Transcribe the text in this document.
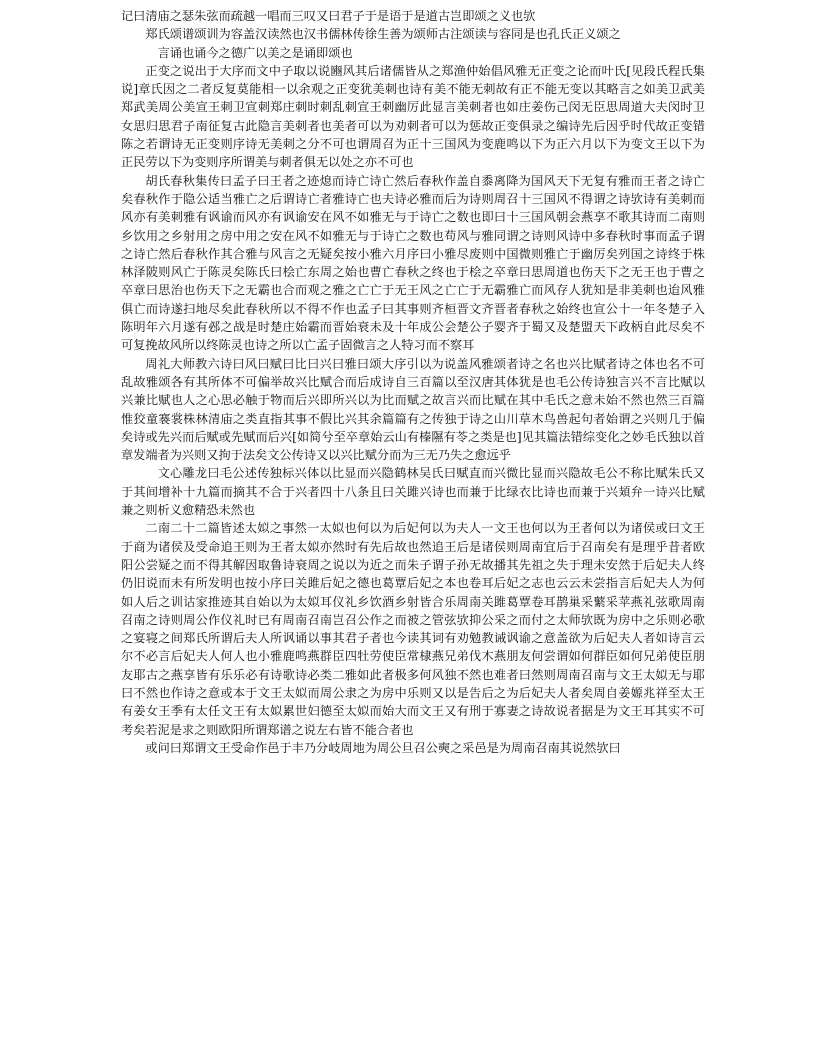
记曰清庙之瑟朱弦而疏越一唱而三叹又曰君子于是语于是道古岂即颂之义也欤

郑氏颂谱颂训为容盖汉读然也汉书儒林传徐生善为颂师古注颂读与容同是也孔氏正义颂之

言诵也诵今之德广以美之是诵即颂也

正变之说出于大序而文中子取以说豳风其后诸儒皆从之郑渔仲始倡风雅无正变之论而叶氏[见段氏程氏集说]章氏因之二者反复莫能相一以余观之正变犹美刺也诗有美不能无刺故有正不能无变以其略言之如美卫武美郑武美周公美宣王刺卫宣刺郑庄刺时刺乱刺宣王刺幽厉此显言美刺者也如庄姜伤己闵无臣思周道大夫闵时卫女思归思君子南征复古此隐言美刺者也美者可以为劝刺者可以为惩故正变俱录之编诗先后因乎时代故正变错陈之若谓诗无正变则序诗无美刺之分不可也谓周召为正十三国风为变鹿鸣以下为正六月以下为变文王以下为正民劳以下为变则序所谓美与刺者俱无以处之亦不可也

胡氏春秋集传曰孟子曰王者之迹熄而诗亡诗亡然后春秋作盖自黍离降为国风天下无复有雅而王者之诗亡矣春秋作于隐公适当雅亡之后谓诗亡者雅诗亡也夫诗必雅而后为诗则周召十三国风不得谓之诗欤诗有美刺而风亦有美刺雅有讽谕而风亦有讽谕安在风不如雅无与于诗亡之数也即曰十三国风朝会燕享不歌其诗而二南则乡饮用之乡射用之房中用之安在风不如雅无与于诗亡之数也苟风与雅同谓之诗则风诗中多春秋时事而孟子谓之诗亡然后春秋作其合雅与风言之无疑矣按小雅六月序曰小雅尽废则中国微则雅亡于幽厉矣列国之诗终于株林泽陂则风亡于陈灵矣陈氏曰桧亡东周之始也曹亡春秋之终也于桧之卒章曰思周道也伤天下之无王也于曹之卒章曰思治也伤天下之无霸也合而观之雅之亡亡于无王风之亡亡于无霸雅亡而风存人犹知是非美刺也迨风雅俱亡而诗遂扫地尽矣此春秋所以不得不作也孟子曰其事则齐桓晋文齐晋者春秋之始终也宣公十一年冬楚子入陈明年六月遂有邲之战是时楚庄始霸而晋始衰未及十年成公会楚公子婴齐于蜀又及楚盟天下政柄自此尽矣不可复挽故风所以终陈灵也诗之所以亡孟子固微言之人特习而不察耳

周礼大师教六诗曰风曰赋曰比曰兴曰雅曰颂大序引以为说盖风雅颂者诗之名也兴比赋者诗之体也名不可乱故雅颂各有其所体不可偏举故兴比赋合而后成诗自三百篇以至汉唐其体犹是也毛公传诗独言兴不言比赋以兴兼比赋也人之心思必触于物而后兴即所兴以为比而赋之故言兴而比赋在其中毛氏之意未始不然也然三百篇惟狡童褰裳株林清庙之类直指其事不假比兴其余篇篇有之传独于诗之山川草木鸟兽起句者始谓之兴则几于偏矣诗或先兴而后赋或先赋而后兴[如简兮至卒章始云山有榛隰有苓之类是也]见其篇法错综变化之妙毛氏独以首章发端者为兴则又拘于法矣文公传诗又以兴比赋分而为三无乃失之愈远乎

文心雕龙曰毛公述传独标兴体以比显而兴隐鹤林吴氏曰赋直而兴微比显而兴隐故毛公不称比赋朱氏又于其间增补十九篇而摘其不合于兴者四十八条且曰关雎兴诗也而兼于比绿衣比诗也而兼于兴頍弁一诗兴比赋兼之则析义愈精恐未然也

二南二十二篇皆述太姒之事然一太姒也何以为后妃何以为夫人一文王也何以为王者何以为诸侯或曰文王于商为诸侯及受命追王则为王者太姒亦然时有先后故也然追王后是诸侯则周南宜后于召南矣有是理乎昔者欧阳公尝疑之而不得其解因取鲁诗衰周之说以为近之而朱子谓子孙无故播其先祖之失于理未安然于后妃夫人终仍旧说而未有所发明也按小序曰关雎后妃之德也葛覃后妃之本也卷耳后妃之志也云云未尝指言后妃夫人为何如人后之训诂家推迹其自始以为太姒耳仪礼乡饮酒乡射皆合乐周南关雎葛覃卷耳鹊巢采蘩采苹燕礼弦歌周南召南之诗则周公作仪礼时已有周南召南岂召公作之而被之管弦欤抑公采之而付之太师欤既为房中之乐则必歌之宴寝之间郑氏所谓后夫人所讽诵以事其君子者也今读其词有劝勉教诫讽谕之意盖欲为后妃夫人者如诗言云尔不必言后妃夫人何人也小雅鹿鸣燕群臣四牡劳使臣常棣燕兄弟伐木燕朋友何尝谓如何群臣如何兄弟使臣朋友耶古之燕享皆有乐乐必有诗歌诗必类二雅如此者极多何风独不然也难者曰然则周南召南与文王太姒无与耶曰不然也作诗之意或本于文王太姒而周公隶之为房中乐则又以是告后之为后妃夫人者矣周自姜嫄兆祥至太王有姜女王季有太任文王有太姒累世妇德至太姒而始大而文王又有刑于寡妻之诗故说者据是为文王耳其实不可考矣若泥是求之则欧阳所谓郑谱之说左右皆不能合者也

或问曰郑谓文王受命作邑于丰乃分岐周地为周公旦召公奭之采邑是为周南召南其说然欤曰
